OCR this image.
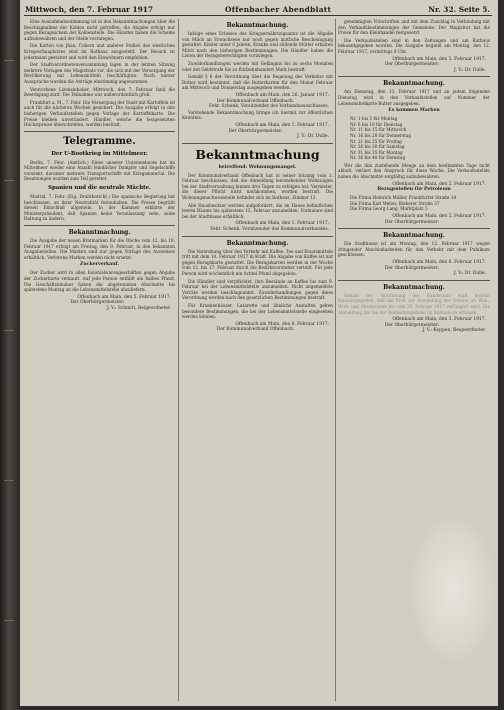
Mittwoch, den 7. Februar 1917	Offenbacher Abendblatt	Nr. 32. Seite 5.

Eine Ausnahmebestimmung ist in den Bekanntmachungen über die Beschlagnahme der Kohlen nicht getroffen; die Abgabe erfolgt nur gegen Bezugsschein der Kohlenstelle. Die Händler haben die Scheine aufzubewahren und der Stelle vorzulegen.

Die Karten von Jhan, Cobern und anderer Stellen des westlichen Kriegsschauplatzes sind im Rathaus ausgestellt. Der Besuch ist jedermann gestattet und wird den Einwohnern empfohlen.

Der Stadtverordnetenversammlung lagen in der letzten Sitzung mehrere Vorlagen des Magistrats vor, die sich mit der Versorgung der Bevölkerung mit Lebensmitteln beschäftigten. Nach kurzer Aussprache wurden die Anträge einstimmig angenommen.

Verstorbene Lizenzinhaber. Mittwoch, den 7. Februar fand die Beerdigung statt. Die Teilnahme war außerordentlich groß.

Frankfurt a. M., 7. Febr. Die Versorgung der Stadt mit Kartoffeln ist auch für die nächsten Wochen gesichert. Die Ausgabe erfolgt in den bisherigen Verkaufsstellen gegen Vorlage der Kartoffelkarte. Die Preise bleiben unverändert. Händler, welche die festgesetzten Höchstpreise überschreiten, werden bestraft.

Telegramme.
Der U-Bootkrieg im Mittelmeer.

Berlin, 7. Febr. (Amtlich.) Eines unserer Unterseeboote hat im Mittelmeer wieder eine Anzahl feindlicher Dampfer und Segelschiffe versenkt, darunter mehrere Transportschiffe mit Kriegsmaterial. Die Besatzungen wurden zum Teil gerettet.

Spanien und die neutrale Mächte.

Madrid, 7. Febr. (Eig. Drahtbericht.) Die spanische Regierung hat beschlossen, an ihrer Neutralität festzuhalten. Die Presse begrüßt diesen Entschluß allgemein. In der Kammer erklärte der Ministerpräsident, daß Spanien keine Veranlassung sehe, seine Haltung zu ändern.

Bekanntmachung.

Die Ausgabe der neuen Brotmarken für die Woche vom 12. bis 18. Februar 1917 erfolgt am Freitag, den 9. Februar, in den bekannten Ausgabestellen. Die Marken sind nur gegen Vorlage des Ausweises erhältlich. Verlorene Marken werden nicht ersetzt.

Zuckerverkauf.

Der Zucker wird in allen Kolonialwarengeschäften gegen Abgabe der Zuckerkarte verkauft. Auf jede Person entfällt ein halbes Pfund. Die Geschäftsinhaber haben die abgetrennten Abschnitte bis spätestens Montag an die Lebensmittelstelle abzuliefern.

Offenbach am Main, den 5. Februar 1917.
Der Oberbürgermeister:
J. V.: Schmitt, Beigeordneter.
Bekanntmachung.

Infolge eines Erlasses des Kriegsernährungsamts ist die Abgabe von Milch an Erwachsene nur noch gegen ärztliche Bescheinigung gestattet. Kinder unter 6 Jahren, Kranke und stillende Mütter erhalten Milch nach den bisherigen Bestimmungen. Die Händler haben die Listen der Bezugsberechtigten vorzulegen.

Zuwiderhandlungen werden mit Gefängnis bis zu sechs Monaten oder mit Geldstrafe bis zu fünfzehnhundert Mark bestraft.

Gemäß § 6 der Verordnung über die Regelung des Verkehrs mit Butter wird bestimmt, daß die Butterkarten für den Monat Februar am Mittwoch und Donnerstag ausgegeben werden.

Offenbach am Main, den 26. Januar 1917.
Der Kommunalverband Offenbach.
Fehr. Schenk, Vorsitzender des Verbandsausschusses.

Vorstehende Bekanntmachung bringe ich hiermit zur öffentlichen Kenntnis.

Offenbach am Main, den 1. Februar 1917.
Der Oberbürgermeister:
J. V.: Dr. Dulle.
Bekanntmachung
betreffend: Wohnungsmangel.

Der Kommunalverband Offenbach hat in seiner Sitzung vom 3. Februar beschlossen, daß die Anmeldung leerstehender Wohnungen bei der Stadtverwaltung binnen drei Tagen zu erfolgen hat. Vermieter, die dieser Pflicht nicht nachkommen, werden bestraft. Die Wohnungsnachweisstelle befindet sich im Rathaus, Zimmer 12.

Alle Hausbesitzer werden aufgefordert, die im Hause befindlichen leeren Räume bis spätestens 15. Februar anzumelden. Formulare sind bei der Stadtkasse erhältlich.

Offenbach am Main, den 1. Februar 1917.
Fehr. Schenk, Vorsitzender des Kommunalverbandes.
Bekanntmachung.

Die Verordnung über den Verkehr mit Kaffee, Tee und Ersatzmitteln tritt mit dem 10. Februar 1917 in Kraft. Die Abgabe von Kaffee ist nur gegen Bezugskarte gestattet. Die Bezugskarten werden in der Woche vom 12. bis 17. Februar durch die Bezirksvorsteher verteilt. Für jede Person wird wöchentlich ein Achtel Pfund abgegeben.

Die Händler sind verpflichtet, ihre Bestände an Kaffee bis zum 9. Februar bei der Lebensmittelstelle anzumelden. Nicht angemeldete Vorräte werden beschlagnahmt. Zuwiderhandlungen gegen diese Verordnung werden nach den gesetzlichen Bestimmungen bestraft.

Für Krankenhäuser, Lazarette und ähnliche Anstalten gelten besondere Bestimmungen, die bei der Lebensmittelstelle eingesehen werden können.

Offenbach am Main, den 6. Februar 1917.
Der Kommunalverband Offenbach.

genehmigten Vorschriften und mit dem Zuschlag in Verbindung mit den Verkaufsbestimmungen der Gemeinde. Der Magistrat hat die Preise für den Kleinhandel festgesetzt.

Die Verkaufsstellen sind in den Zeitungen und am Rathaus bekanntgegeben worden. Die Ausgabe beginnt am Montag, den 12. Februar 1917, vormittags 8 Uhr.

Offenbach am Main, den 5. Februar 1917.
Der Oberbürgermeister:
J. V.: Dr. Dulle.
Bekanntmachung.

Am Dienstag, den 13. Februar 1917 und an jedem folgenden Dienstag wird in den Verkaufsstellen auf Nummer der Lebensmittelkarte Butter ausgegeben.

Es kommen Marken
Nr. 1 bis 5 für Montag
Nr. 6 bis 10 für Dienstag
Nr. 11 bis 15 für Mittwoch
Nr. 16 bis 20 für Donnerstag
Nr. 21 bis 25 für Freitag
Nr. 26 bis 30 für Samstag
Nr. 31 bis 35 für Montag
Nr. 36 bis 40 für Dienstag

Wer die ihm zustehende Menge an dem bestimmten Tage nicht abholt, verliert den Anspruch für diese Woche. Die Verkaufsstellen haben die Abschnitte sorgfältig aufzubewahren.

Offenbach am Main, den 5. Februar 1917.
Bezugsstellen für Petroleum
Die Firma Heinrich Müller, Frankfurter Straße 14
Die Firma Karl Weber, Bieberer Straße 37
Die Firma Georg Lang, Marktplatz 5
Offenbach am Main, den 5. Februar 1917.
Der Oberbürgermeister:
Bekanntmachung.

Die Stadtkasse ist am Montag, den 12. Februar 1917 wegen dringender Abschlußarbeiten für den Verkehr mit dem Publikum geschlossen.

Offenbach am Main, den 6. Februar 1917.
Der Oberbürgermeister:
J. V.: Dr. Dulle.
Bekanntmachung.

Gemäß der Verordnung des Bundesrats wird hiermit bekanntgegeben, daß die Frist zur Anmeldung der Vorräte an Web-, Wirk- und Strickwaren bis zum 20. Februar 1917 verlängert wird. Die Anmeldung hat bei der Bekleidungsstelle im Rathaus zu erfolgen.

Offenbach am Main, den 3. Februar 1917.
Der Oberbürgermeister:
J. V.: Koppen, Beigeordneter.
